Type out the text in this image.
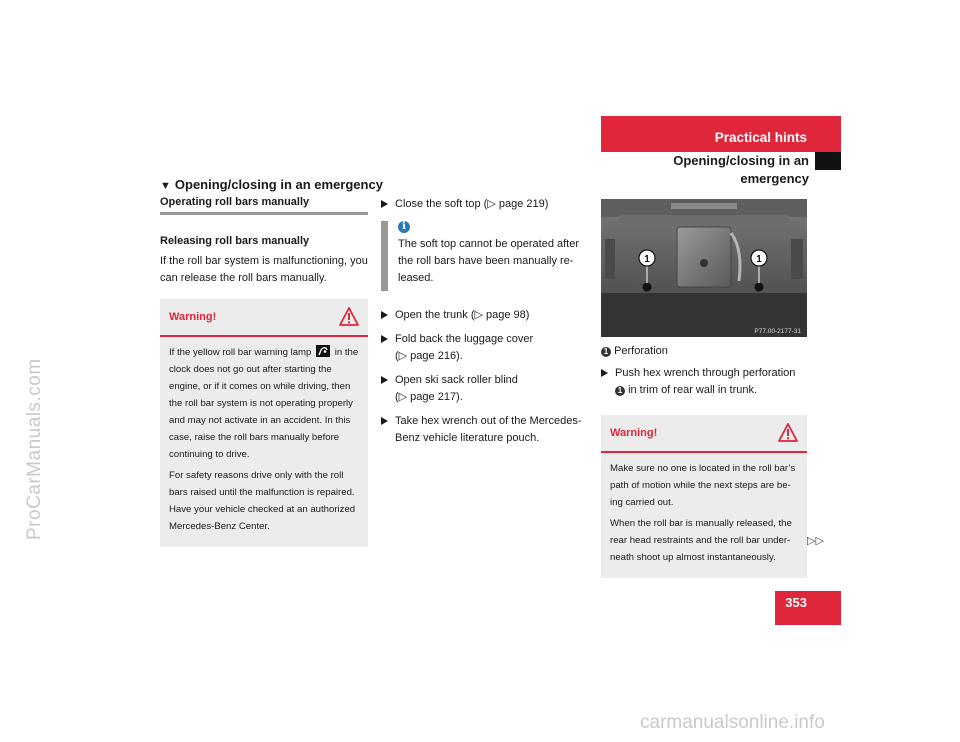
ProCarManuals.com
carmanualsonline.info
Practical hints
Opening/closing in an emergency
▼ Opening/closing in an emergency
Operating roll bars manually

Releasing roll bars manually

If the roll bar system is malfunctioning, you can release the roll bars manually.

Warning!

If the yellow roll bar warning lamp in the clock does not go out after starting the engine, or if it comes on while driving, then the roll bar system is not operating properly and may not activate in an accident. In this case, raise the roll bars manually before continuing to drive.

For safety reasons drive only with the roll bars raised until the malfunction is repaired. Have your vehicle checked at an authorized Mercedes-Benz Center.

Close the soft top (▷ page 219)
i

The soft top cannot be operated after the roll bars have been manually re-leased.

Open the trunk (▷ page 98)
Fold back the luggage cover
(▷ page 216).
Open ski sack roller blind
(▷ page 217).
Take hex wrench out of the Mercedes-Benz vehicle literature pouch.
1	1
P77.00-2177-31

1 Perforation

Push hex wrench through perforation 1 in trim of rear wall in trunk.
Warning!

Make sure no one is located in the roll bar’s path of motion while the next steps are be-ing carried out.

When the roll bar is manually released, the rear head restraints and the roll bar under-neath shoot up almost instantaneously.

▷▷
353
